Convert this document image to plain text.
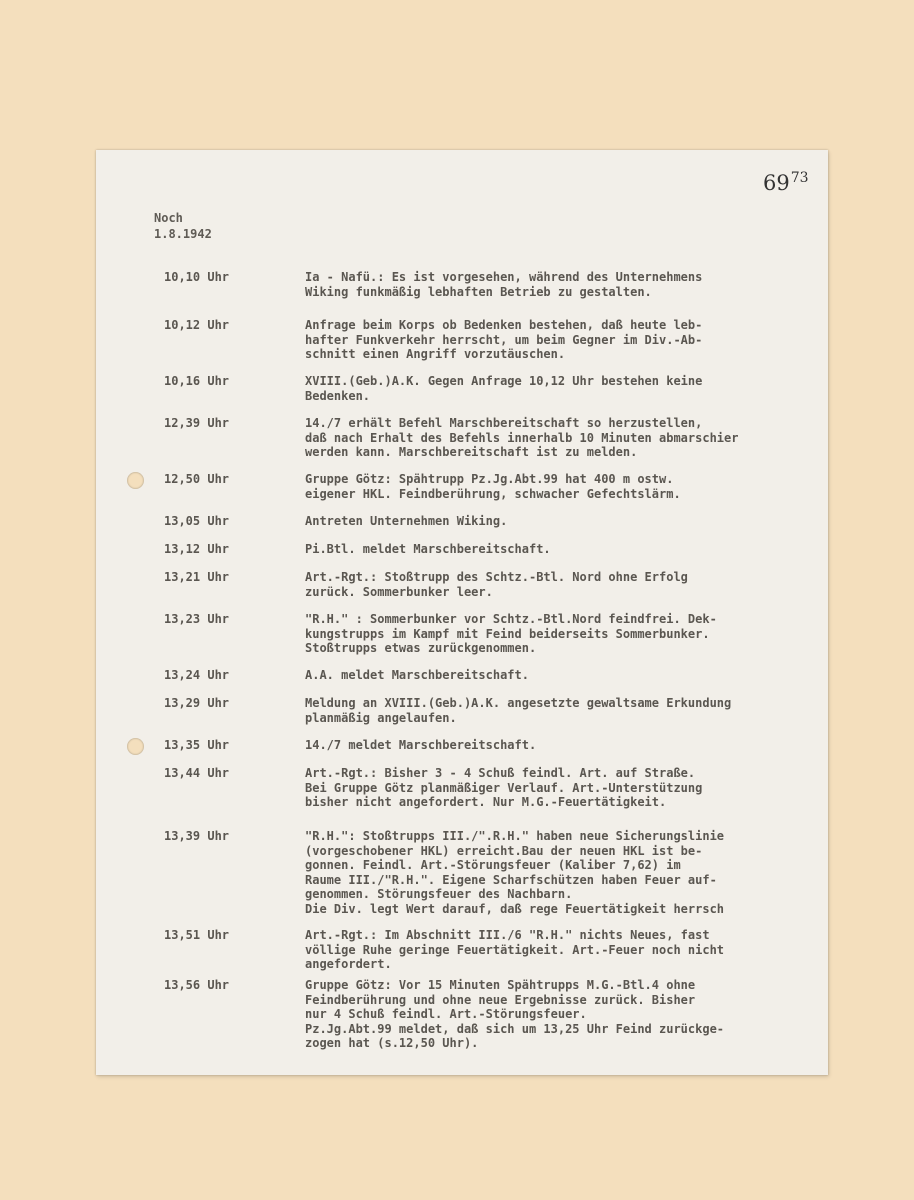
$69^{73}$
Noch
1.8.1942
10,10 Uhr	Ia - Nafü.: Es ist vorgesehen, während des Unternehmens
Wiking funkmäßig lebhaften Betrieb zu gestalten.
10,12 Uhr	Anfrage beim Korps ob Bedenken bestehen, daß heute leb-
hafter Funkverkehr herrscht, um beim Gegner im Div.-Ab-
schnitt einen Angriff vorzutäuschen.
10,16 Uhr	XVIII.(Geb.)A.K. Gegen Anfrage 10,12 Uhr bestehen keine
Bedenken.
12,39 Uhr	14./7 erhält Befehl Marschbereitschaft so herzustellen,
daß nach Erhalt des Befehls innerhalb 10 Minuten abmarschier
werden kann. Marschbereitschaft ist zu melden.
12,50 Uhr	Gruppe Götz: Spähtrupp Pz.Jg.Abt.99 hat 400 m ostw.
eigener HKL. Feindberührung, schwacher Gefechtslärm.
13,05 Uhr	Antreten Unternehmen Wiking.
13,12 Uhr	Pi.Btl. meldet Marschbereitschaft.
13,21 Uhr	Art.-Rgt.: Stoßtrupp des Schtz.-Btl. Nord ohne Erfolg
zurück. Sommerbunker leer.
13,23 Uhr	"R.H." : Sommerbunker vor Schtz.-Btl.Nord feindfrei. Dek-
kungstrupps im Kampf mit Feind beiderseits Sommerbunker.
Stoßtrupps etwas zurückgenommen.
13,24 Uhr	A.A. meldet Marschbereitschaft.
13,29 Uhr	Meldung an XVIII.(Geb.)A.K. angesetzte gewaltsame Erkundung
planmäßig angelaufen.
13,35 Uhr	14./7 meldet Marschbereitschaft.
13,44 Uhr	Art.-Rgt.: Bisher 3 - 4 Schuß feindl. Art. auf Straße.
Bei Gruppe Götz planmäßiger Verlauf. Art.-Unterstützung
bisher nicht angefordert. Nur M.G.-Feuertätigkeit.
13,39 Uhr	"R.H.": Stoßtrupps III./".R.H." haben neue Sicherungslinie
(vorgeschobener HKL) erreicht.Bau der neuen HKL ist be-
gonnen. Feindl. Art.-Störungsfeuer (Kaliber 7,62) im
Raume III./"R.H.". Eigene Scharfschützen haben Feuer auf-
genommen. Störungsfeuer des Nachbarn.
Die Div. legt Wert darauf, daß rege Feuertätigkeit herrsch
13,51 Uhr	Art.-Rgt.: Im Abschnitt III./6 "R.H." nichts Neues, fast
völlige Ruhe geringe Feuertätigkeit. Art.-Feuer noch nicht
angefordert.
13,56 Uhr	Gruppe Götz: Vor 15 Minuten Spähtrupps M.G.-Btl.4 ohne
Feindberührung und ohne neue Ergebnisse zurück. Bisher
nur 4 Schuß feindl. Art.-Störungsfeuer.
Pz.Jg.Abt.99 meldet, daß sich um 13,25 Uhr Feind zurückge-
zogen hat (s.12,50 Uhr).
